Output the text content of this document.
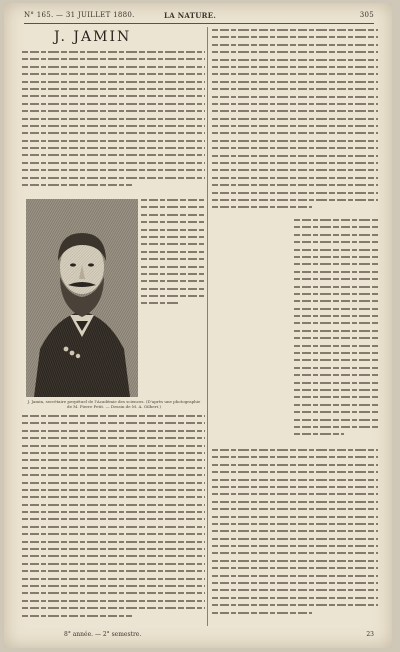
N° 165. — 31 JUILLET 1880.	LA NATURE.	305
J. JAMIN
J. Jamin, secrétaire perpétuel de l'Académie des sciences. (D'après une photographie de M. Pierre Petit. — Dessin de M. A. Gilbert.)
8° année. — 2° semestre.	23
